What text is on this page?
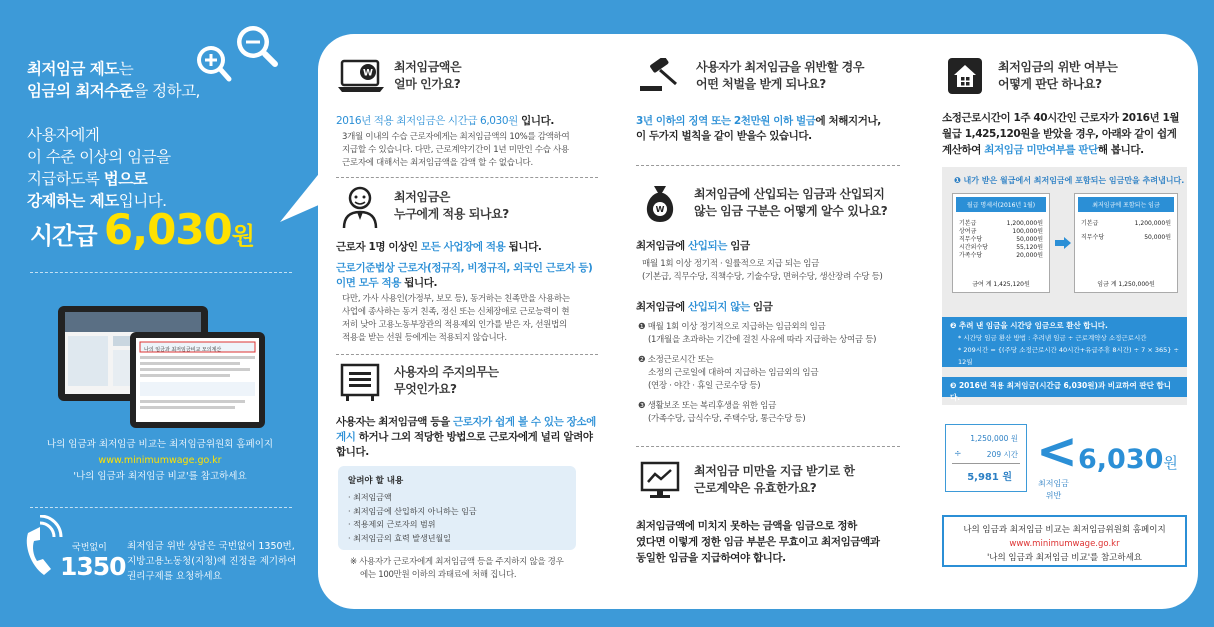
최저임금 제도는
임금의 최저수준을 정하고,
사용자에게
이 수준 이상의 임금을
지급하도록 법으로
강제하는 제도입니다.
시간급 6,030원
나의 임금과 최저임금비교 모의계산
나의 임금과 최저임금 비교는 최저임금위원회 홈페이지
www.minimumwage.go.kr
'나의 임금과 최저임금 비교'를 참고하세요
국번없이
1350
최저임금 위반 상담은 국번없이 1350번,
지방고용노동청(지청)에 진정을 제기하여
권리구제를 요청하세요
W 최저임금액은
얼마 인가요?
2016년 적용 최저임금은 시간급 6,030원 입니다.
3개월 이내의 수습 근로자에게는 최저임금액의 10%를 감액하여
지급할 수 있습니다. 다만, 근로계약기간이 1년 미만인 수습 사용
근로자에 대해서는 최저임금액을 감액 할 수 없습니다.
최저임금은
누구에게 적용 되나요?
근로자 1명 이상인 모든 사업장에 적용 됩니다.
근로기준법상 근로자(정규직, 비정규직, 외국인 근로자 등)
이면 모두 적용 됩니다.
다만, 가사 사용인(가정부, 보모 등), 동거하는 친족만을 사용하는
사업에 종사하는 동거 친족, 정신 또는 신체장애로 근로능력이 현
저히 낮아 고용노동부장관의 적용제외 인가를 받은 자, 선원법의
적용을 받는 선원 등에게는 적용되지 않습니다.
사용자의 주지의무는
무엇인가요?
사용자는 최저임금액 등을 근로자가 쉽게 볼 수 있는 장소에
게시 하거나 그외 적당한 방법으로 근로자에게 널리 알려야
합니다.
알려야 할 내용
· 최저임금액
· 최저임금에 산입하지 아니하는 임금
· 적용제외 근로자의 범위
· 최저임금의 효력 발생년월일
※ 사용자가 근로자에게 최저임금액 등을 주지하지 않을 경우
에는 100만원 이하의 과태료에 처해 집니다.
사용자가 최저임금을 위반할 경우
어떤 처벌을 받게 되나요?
3년 이하의 징역 또는 2천만원 이하 벌금에 처해지거나,
이 두가지 벌칙을 같이 받을수 있습니다.
W
최저임금에 산입되는 임금과 산입되지
않는 임금 구분은 어떻게 알수 있나요?
최저임금에 산입되는 임금
매월 1회 이상 정기적 · 일률적으로 지급 되는 임금
(기본급, 직무수당, 직책수당, 기술수당, 면허수당, 생산장려 수당 등)
최저임금에 산입되지 않는 임금
❶ 매월 1회 이상 정기적으로 지급하는 임금외의 임금
(1개월을 초과하는 기간에 걸친 사유에 따라 지급하는 상여금 등)
❷ 소정근로시간 또는
소정의 근로일에 대하여 지급하는 임금외의 임금
(연장 · 야간 · 휴일 근로수당 등)
❸ 생활보조 또는 복리후생을 위한 임금
(가족수당, 급식수당, 주택수당, 통근수당 등)
최저임금 미만을 지급 받기로 한
근로계약은 유효한가요?
최저임금액에 미치지 못하는 금액을 임금으로 정하
였다면 이렇게 정한 임금 부분은 무효이고 최저임금액과
동일한 임금을 지급하여야 합니다.
최저임금의 위반 여부는
어떻게 판단 하나요?
소정근로시간이 1주 40시간인 근로자가 2016년 1월
월급 1,425,120원을 받았을 경우, 아래와 같이 쉽게
계산하여 최저임금 미만여부를 판단해 봅니다.
❶ 내가 받은 월급에서 최저임금에 포함되는 임금만을 추려냅니다.
월급 명세서(2016년 1월)
기본급	1,200,000원
상여금	100,000원
직무수당	50,000원
시간외수당	55,120원
가족수당	20,000원
금여 계 1,425,120원
최저임금에 포함되는 임금
기본급	1,200,000원
직무수당	50,000원
임금 계 1,250,000원
❷ 추려 낸 임금을 시간당 임금으로 환산 합니다.
* 시간당 임금 환산 방법 : 추려낸 임금 ÷ 근로계약상 소정근로시간
* 209시간 = {(주당 소정근로시간 40시간+유급주휴 8시간) ÷ 7 × 365} ÷ 12월
❸ 2016년 적용 최저임금(시간급 6,030원)과 비교하여 판단 합니다.
1,250,000 원
÷	209 시간
5,981 원 < 6,030원
최저임금
위반
나의 임금과 최저임금 비교는 최저임금위원회 홈페이지
www.minimumwage.go.kr
'나의 임금과 최저임금 비교'를 참고하세요
